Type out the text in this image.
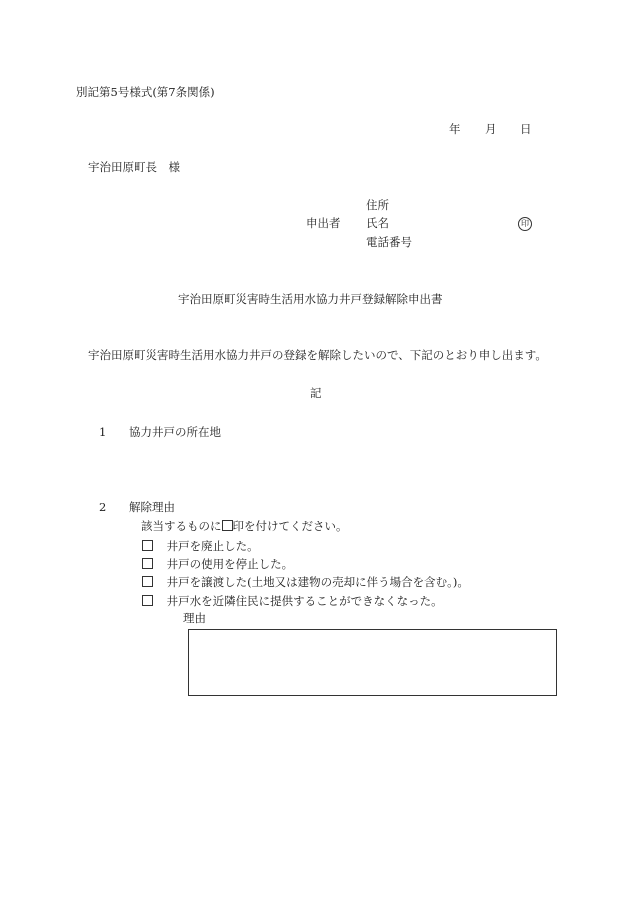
別記第5号様式(第7条関係)
年 月 日
宇治田原町長　様
申出者
住所
氏名
電話番号
印
宇治田原町災害時生活用水協力井戸登録解除申出書
宇治田原町災害時生活用水協力井戸の登録を解除したいので、下記のとおり申し出ます。
記
1 協力井戸の所在地
2 解除理由
該当するものに 印を付けてください。
井戸を廃止した。
井戸の使用を停止した。
井戸を譲渡した(土地又は建物の売却に伴う場合を含む。)。
井戸水を近隣住民に提供することができなくなった。
理由
